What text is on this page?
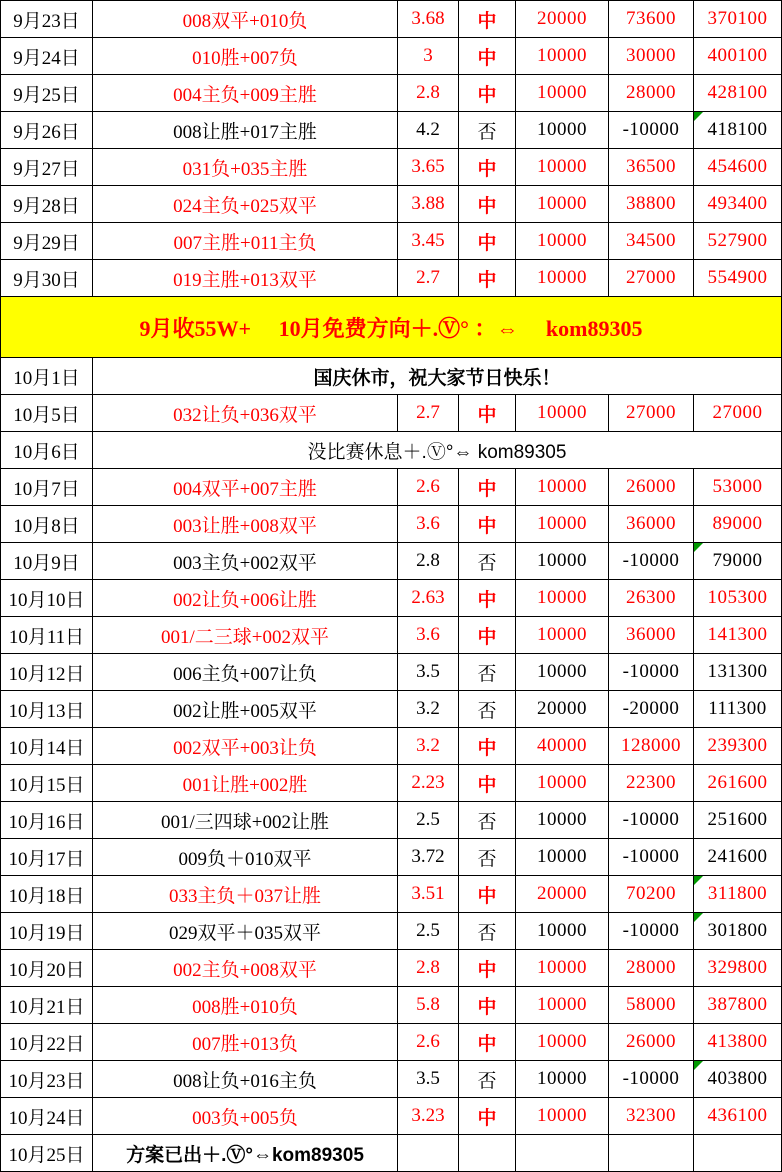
9月23日	008双平+010负	3.68	中	20000	73600	370100
9月24日	010胜+007负	3	中	10000	30000	400100
9月25日	004主负+009主胜	2.8	中	10000	28000	428100
9月26日	008让胜+017主胜	4.2	否	10000	-10000	418100

9月27日	031负+035主胜	3.65	中	10000	36500	454600
9月28日	024主负+025双平	3.88	中	10000	38800	493400
9月29日	007主胜+011主负	3.45	中	10000	34500	527900
9月30日	019主胜+013双平	2.7	中	10000	27000	554900
9月收55W+　 10月免费方向＋.Ⓥ° ：⇔ 　kom89305						
10月1日	国庆休市，祝大家节日快乐！					
10月5日	032让负+036双平	2.7	中	10000	27000	27000
10月6日	没比赛休息＋.Ⓥ°⇔ kom89305					
10月7日	004双平+007主胜	2.6	中	10000	26000	53000
10月8日	003让胜+008双平	3.6	中	10000	36000	89000
10月9日	003主负+002双平	2.8	否	10000	-10000	79000

10月10日	002让负+006让胜	2.63	中	10000	26300	105300
10月11日	001/二三球+002双平	3.6	中	10000	36000	141300
10月12日	006主负+007让负	3.5	否	10000	-10000	131300
10月13日	002让胜+005双平	3.2	否	20000	-20000	111300
10月14日	002双平+003让负	3.2	中	40000	128000	239300
10月15日	001让胜+002胜	2.23	中	10000	22300	261600
10月16日	001/三四球+002让胜	2.5	否	10000	-10000	251600
10月17日	009负＋010双平	3.72	否	10000	-10000	241600
10月18日	033主负＋037让胜	3.51	中	20000	70200	311800

10月19日	029双平＋035双平	2.5	否	10000	-10000	301800

10月20日	002主负+008双平	2.8	中	10000	28000	329800
10月21日	008胜+010负	5.8	中	10000	58000	387800
10月22日	007胜+013负	2.6	中	10000	26000	413800
10月23日	008让负+016主负	3.5	否	10000	-10000	403800

10月24日	003负+005负	3.23	中	10000	32300	436100
10月25日	方案已出＋.Ⓥ°⇔kom89305					
